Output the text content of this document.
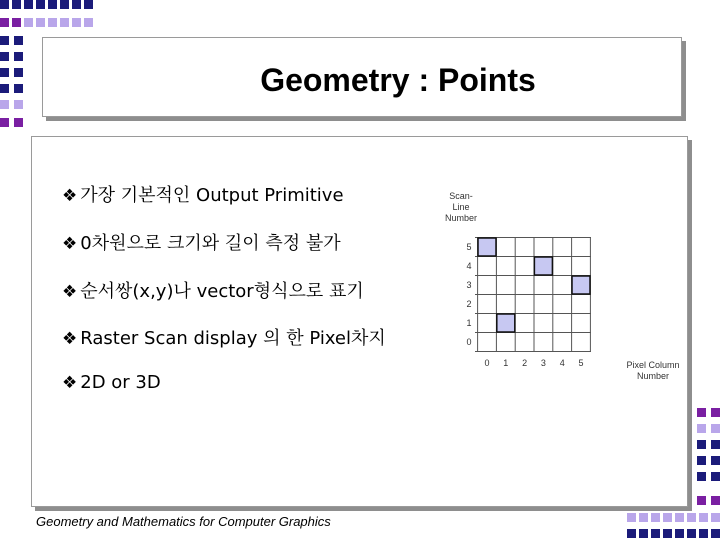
Geometry : Points
❖ 가장 기본적인 Output Primitive
❖ 0차원으로 크기와 길이 측정 불가
❖ 순서쌍(x,y)나 vector형식으로 표기
❖ Raster Scan display 의 한 Pixel차지
❖ 2D or 3D
0 1 2 3 4 5
0
1
2
3
4
5
Scan-
Line
Number
Pixel Column
Number
Geometry and Mathematics for Computer Graphics
